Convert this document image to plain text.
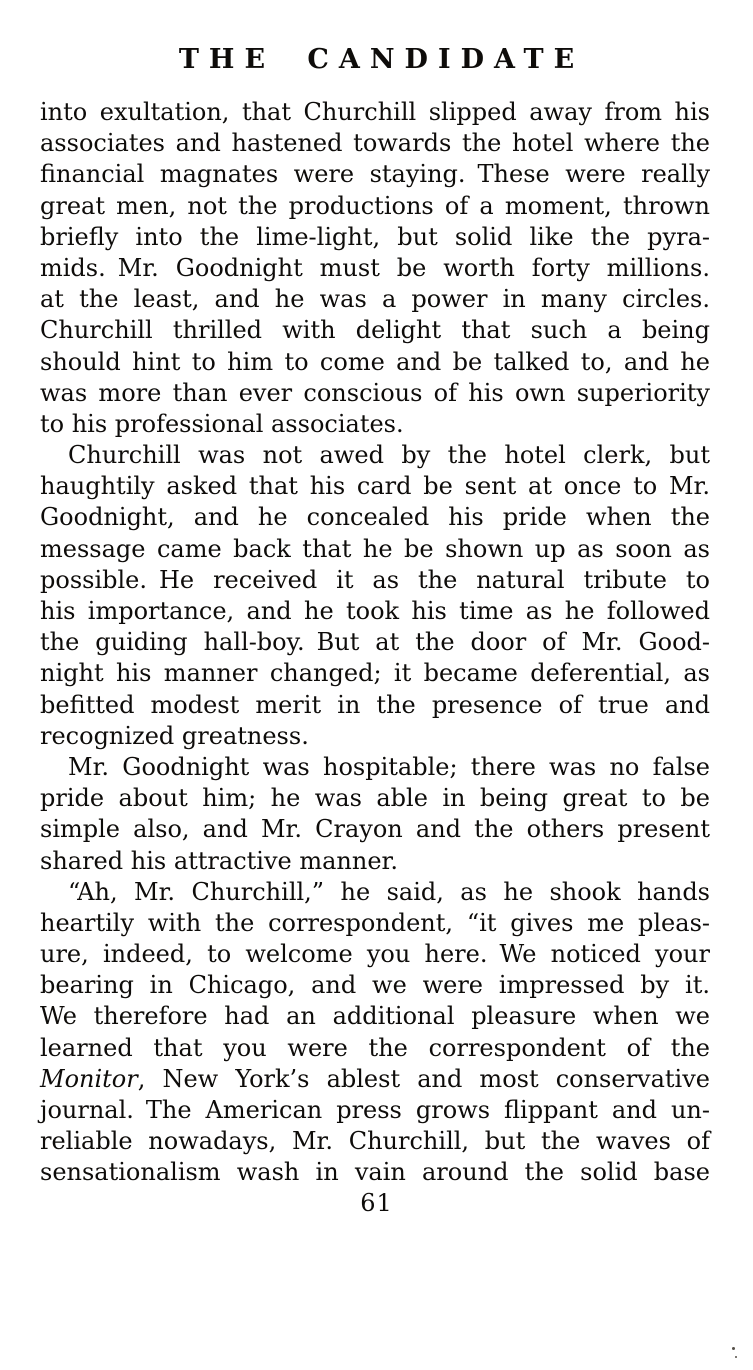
THE CANDIDATE
into exultation, that Churchill slipped away from his
associates and hastened towards the hotel where the
financial magnates were staying. These were really
great men, not the productions of a moment, thrown
briefly into the lime-light, but solid like the pyra-
mids. Mr. Goodnight must be worth forty millions.
at the least, and he was a power in many circles.
Churchill thrilled with delight that such a being
should hint to him to come and be talked to, and he
was more than ever conscious of his own superiority
to his professional associates.
Churchill was not awed by the hotel clerk, but
haughtily asked that his card be sent at once to Mr.
Goodnight, and he concealed his pride when the
message came back that he be shown up as soon as
possible. He received it as the natural tribute to
his importance, and he took his time as he followed
the guiding hall-boy. But at the door of Mr. Good-
night his manner changed; it became deferential, as
befitted modest merit in the presence of true and
recognized greatness.
Mr. Goodnight was hospitable; there was no false
pride about him; he was able in being great to be
simple also, and Mr. Crayon and the others present
shared his attractive manner.
“Ah, Mr. Churchill,” he said, as he shook hands
heartily with the correspondent, “it gives me pleas-
ure, indeed, to welcome you here. We noticed your
bearing in Chicago, and we were impressed by it.
We therefore had an additional pleasure when we
learned that you were the correspondent of the
Monitor, New York’s ablest and most conservative
journal. The American press grows flippant and un-
reliable nowadays, Mr. Churchill, but the waves of
sensationalism wash in vain around the solid base
61
